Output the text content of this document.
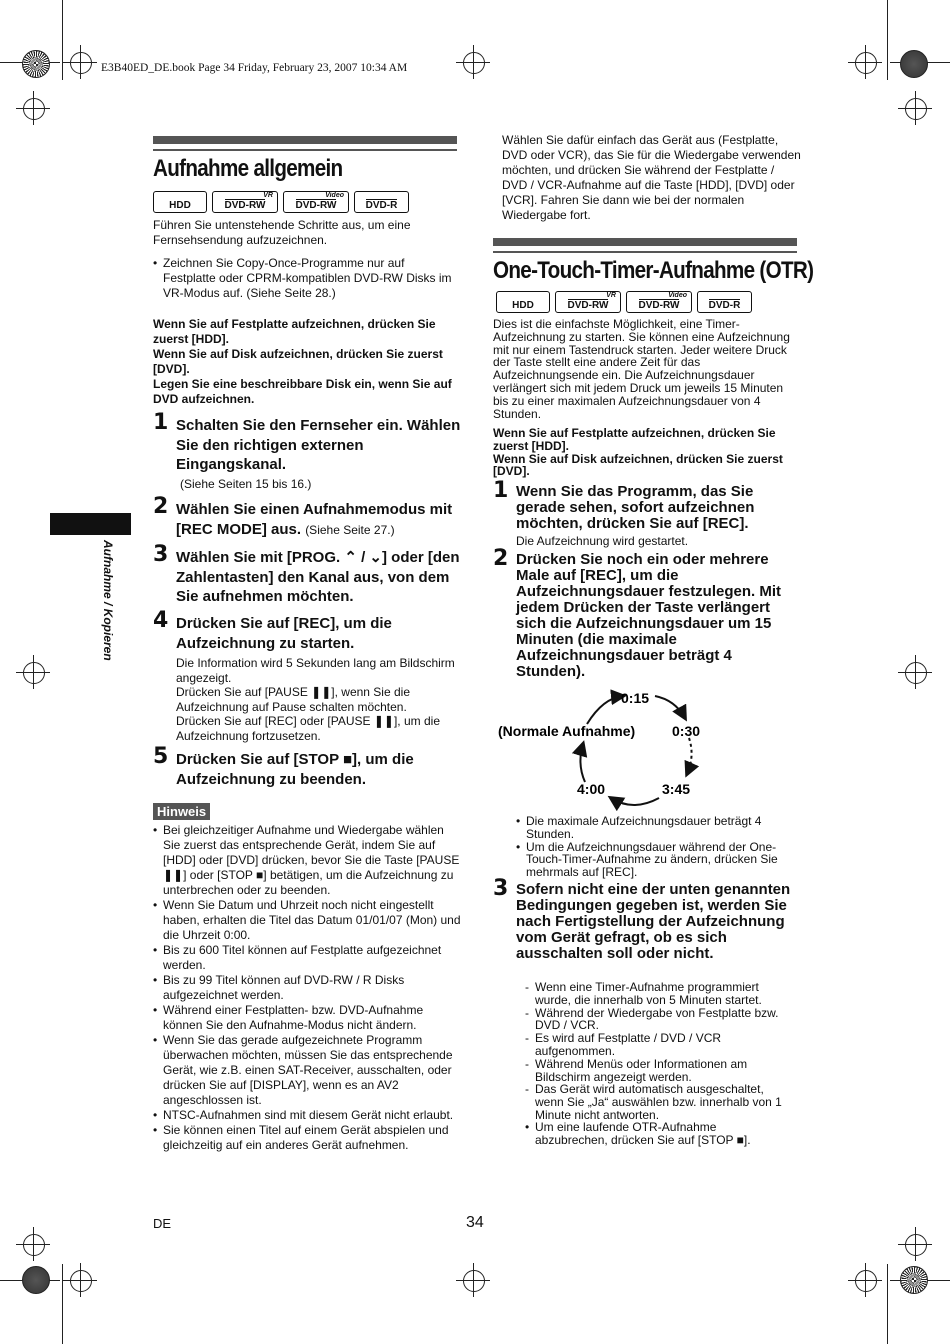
E3B40ED_DE.book Page 34 Friday, February 23, 2007 10:34 AM
Aufnahme / Kopieren
Aufnahme allgemein
HDD
VR
DVD-RW
Video
DVD-RW	DVD-R
Führen Sie untenstehende Schritte aus, um eine Fernsehsendung aufzuzeichnen.
• Zeichnen Sie Copy-Once-Programme nur auf Festplatte oder CPRM-kompatiblen DVD-RW Disks im VR-Modus auf. (Siehe Seite 28.)
Wenn Sie auf Festplatte aufzeichnen, drücken Sie zuerst [HDD].
Wenn Sie auf Disk aufzeichnen, drücken Sie zuerst [DVD].
Legen Sie eine beschreibbare Disk ein, wenn Sie auf DVD aufzeichnen.
1 Schalten Sie den Fernseher ein. Wählen Sie den richtigen externen Eingangskanal.
(Siehe Seiten 15 bis 16.)
2 Wählen Sie einen Aufnahmemodus mit [REC MODE] aus. (Siehe Seite 27.)
3 Wählen Sie mit [PROG. ⌃ / ⌄] oder [den Zahlentasten] den Kanal aus, von dem Sie aufnehmen möchten.
4 Drücken Sie auf [REC], um die Aufzeichnung zu starten.
Die Information wird 5 Sekunden lang am Bildschirm angezeigt.
Drücken Sie auf [PAUSE ❚❚], wenn Sie die Aufzeichnung auf Pause schalten möchten.
Drücken Sie auf [REC] oder [PAUSE ❚❚], um die Aufzeichnung fortzusetzen.
5 Drücken Sie auf [STOP ■], um die Aufzeichnung zu beenden.
Hinweis
• Bei gleichzeitiger Aufnahme und Wiedergabe wählen Sie zuerst das entsprechende Gerät, indem Sie auf [HDD] oder [DVD] drücken, bevor Sie die Taste [PAUSE ❚❚] oder [STOP ■] betätigen, um die Aufzeichnung zu unterbrechen oder zu beenden.
• Wenn Sie Datum und Uhrzeit noch nicht eingestellt haben, erhalten die Titel das Datum 01/01/07 (Mon) und die Uhrzeit 0:00.
• Bis zu 600 Titel können auf Festplatte aufgezeichnet werden.
• Bis zu 99 Titel können auf DVD-RW / R Disks aufgezeichnet werden.
• Während einer Festplatten- bzw. DVD-Aufnahme können Sie den Aufnahme-Modus nicht ändern.
• Wenn Sie das gerade aufgezeichnete Programm überwachen möchten, müssen Sie das entsprechende Gerät, wie z.B. einen SAT-Receiver, ausschalten, oder drücken Sie auf [DISPLAY], wenn es an AV2 angeschlossen ist.
• NTSC-Aufnahmen sind mit diesem Gerät nicht erlaubt.
• Sie können einen Titel auf einem Gerät abspielen und gleichzeitig auf ein anderes Gerät aufnehmen.
Wählen Sie dafür einfach das Gerät aus (Festplatte, DVD oder VCR), das Sie für die Wiedergabe verwenden möchten, und drücken Sie während der Festplatte / DVD / VCR-Aufnahme auf die Taste [HDD], [DVD] oder [VCR]. Fahren Sie dann wie bei der normalen Wiedergabe fort.
One-Touch-Timer-Aufnahme (OTR)
HDD
VR
DVD-RW
Video
DVD-RW	DVD-R
Dies ist die einfachste Möglichkeit, eine Timer-Aufzeichnung zu starten. Sie können eine Aufzeichnung mit nur einem Tastendruck starten. Jeder weitere Druck der Taste stellt eine andere Zeit für das Aufzeichnungsende ein. Die Aufzeichnungsdauer verlängert sich mit jedem Druck um jeweils 15 Minuten bis zu einer maximalen Aufzeichnungsdauer von 4 Stunden.
Wenn Sie auf Festplatte aufzeichnen, drücken Sie zuerst [HDD].
Wenn Sie auf Disk aufzeichnen, drücken Sie zuerst [DVD].
1 Wenn Sie das Programm, das Sie gerade sehen, sofort aufzeichnen möchten, drücken Sie auf [REC].
Die Aufzeichnung wird gestartet.
2 Drücken Sie noch ein oder mehrere Male auf [REC], um die Aufzeichnungsdauer festzulegen. Mit jedem Drücken der Taste verlängert sich die Aufzeichnungsdauer um 15 Minuten (die maximale Aufzeichnungsdauer beträgt 4 Stunden).
0:15
(Normale Aufnahme)	0:30
3:45
4:00
• Die maximale Aufzeichnungsdauer beträgt 4 Stunden.
• Um die Aufzeichnungsdauer während der One-Touch-Timer-Aufnahme zu ändern, drücken Sie mehrmals auf [REC].
3 Sofern nicht eine der unten genannten Bedingungen gegeben ist, werden Sie nach Fertigstellung der Aufzeichnung vom Gerät gefragt, ob es sich ausschalten soll oder nicht.
- Wenn eine Timer-Aufnahme programmiert wurde, die innerhalb von 5 Minuten startet.
- Während der Wiedergabe von Festplatte bzw. DVD / VCR.
- Es wird auf Festplatte / DVD / VCR aufgenommen.
- Während Menüs oder Informationen am Bildschirm angezeigt werden.
- Das Gerät wird automatisch ausgeschaltet, wenn Sie „Ja“ auswählen bzw. innerhalb von 1 Minute nicht antworten.
• Um eine laufende OTR-Aufnahme abzubrechen, drücken Sie auf [STOP ■].
DE	34
